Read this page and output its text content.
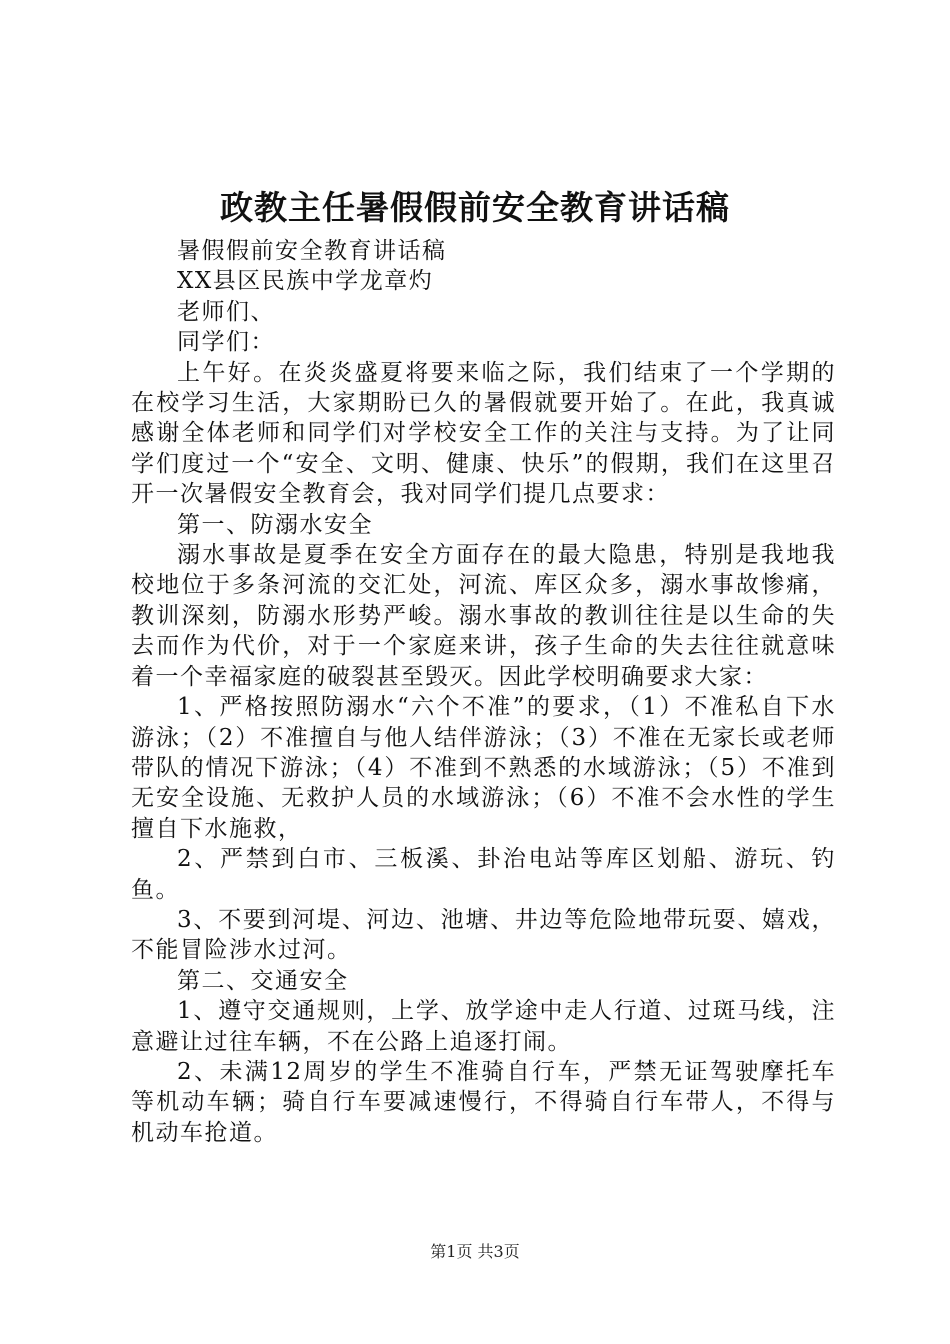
政教主任暑假假前安全教育讲话稿

暑假假前安全教育讲话稿

XX县区民族中学龙章灼

老师们、

同学们：

上午好。在炎炎盛夏将要来临之际，我们结束了一个学期的在校学习生活，大家期盼已久的暑假就要开始了。在此，我真诚感谢全体老师和同学们对学校安全工作的关注与支持。为了让同学们度过一个“安全、文明、健康、快乐”的假期，我们在这里召开一次暑假安全教育会，我对同学们提几点要求：

第一、防溺水安全

溺水事故是夏季在安全方面存在的最大隐患，特别是我地我校地位于多条河流的交汇处，河流、库区众多，溺水事故惨痛，教训深刻，防溺水形势严峻。溺水事故的教训往往是以生命的失去而作为代价，对于一个家庭来讲，孩子生命的失去往往就意味着一个幸福家庭的破裂甚至毁灭。因此学校明确要求大家：

1、严格按照防溺水“六个不准”的要求，（1）不准私自下水游泳；（2）不准擅自与他人结伴游泳；（3）不准在无家长或老师带队的情况下游泳；（4）不准到不熟悉的水域游泳；（5）不准到无安全设施、无救护人员的水域游泳；（6）不准不会水性的学生擅自下水施救，

2、严禁到白市、三板溪、卦治电站等库区划船、游玩、钓鱼。

3、不要到河堤、河边、池塘、井边等危险地带玩耍、嬉戏，不能冒险涉水过河。

第二、交通安全

1、遵守交通规则，上学、放学途中走人行道、过斑马线，注意避让过往车辆，不在公路上追逐打闹。

2、未满12周岁的学生不准骑自行车，严禁无证驾驶摩托车等机动车辆；骑自行车要减速慢行，不得骑自行车带人，不得与机动车抢道。

第1页 共3页
